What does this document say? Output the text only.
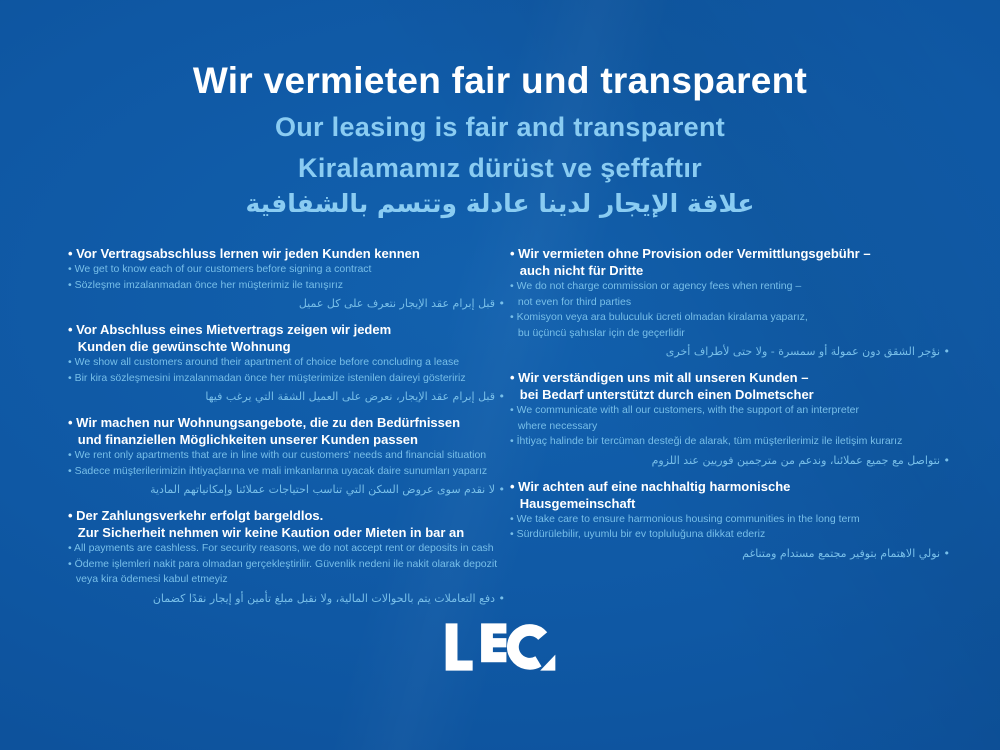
Wir vermieten fair und transparent
Our leasing is fair and transparent
Kiralamamız dürüst ve şeffaftır
علاقة الإيجار لدينا عادلة وتتسم بالشفافية
• Vor Vertragsabschluss lernen wir jeden Kunden kennen
• We get to know each of our customers before signing a contract
• Sözleşme imzalanmadan önce her müşterimiz ile tanışırız
• قبل إبرام عقد الإيجار نتعرف على كل عميل
• Vor Abschluss eines Mietvertrags zeigen wir jedem
Kunden die gewünschte Wohnung
• We show all customers around their apartment of choice before concluding a lease
• Bir kira sözleşmesini imzalanmadan önce her müşterimize istenilen daireyi gösteririz
• قبل إبرام عقد الإيجار، نعرض على العميل الشقة التي يرغب فيها
• Wir machen nur Wohnungsangebote, die zu den Bedürfnissen
und finanziellen Möglichkeiten unserer Kunden passen
• We rent only apartments that are in line with our customers' needs and financial situation
• Sadece müşterilerimizin ihtiyaçlarına ve mali imkanlarına uyacak daire sunumları yaparız
• لا نقدم سوى عروض السكن التي تناسب احتياجات عملائنا وإمكانياتهم المادية
• Der Zahlungsverkehr erfolgt bargeldlos.
Zur Sicherheit nehmen wir keine Kaution oder Mieten in bar an
• All payments are cashless. For security reasons, we do not accept rent or deposits in cash
• Ödeme işlemleri nakit para olmadan gerçekleştirilir. Güvenlik nedeni ile nakit olarak depozit
veya kira ödemesi kabul etmeyiz
• دفع التعاملات يتم بالحوالات المالية، ولا نقبل مبلغ تأمين أو إيجار نقدًا كضمان
• Wir vermieten ohne Provision oder Vermittlungsgebühr –
auch nicht für Dritte
• We do not charge commission or agency fees when renting –
not even for third parties
• Komisyon veya ara buluculuk ücreti olmadan kiralama yaparız,
bu üçüncü şahıslar için de geçerlidir
• نؤجر الشقق دون عمولة أو سمسرة - ولا حتى لأطراف أخرى
• Wir verständigen uns mit all unseren Kunden –
bei Bedarf unterstützt durch einen Dolmetscher
• We communicate with all our customers, with the support of an interpreter
where necessary
• İhtiyaç halinde bir tercüman desteği de alarak, tüm müşterilerimiz ile iletişim kurarız
• نتواصل مع جميع عملائنا، وندعم من مترجمين فوريين عند اللزوم
• Wir achten auf eine nachhaltig harmonische
Hausgemeinschaft
• We take care to ensure harmonious housing communities in the long term
• Sürdürülebilir, uyumlu bir ev topluluğuna dikkat ederiz
• نولي الاهتمام بتوفير مجتمع مستدام ومتناغم
